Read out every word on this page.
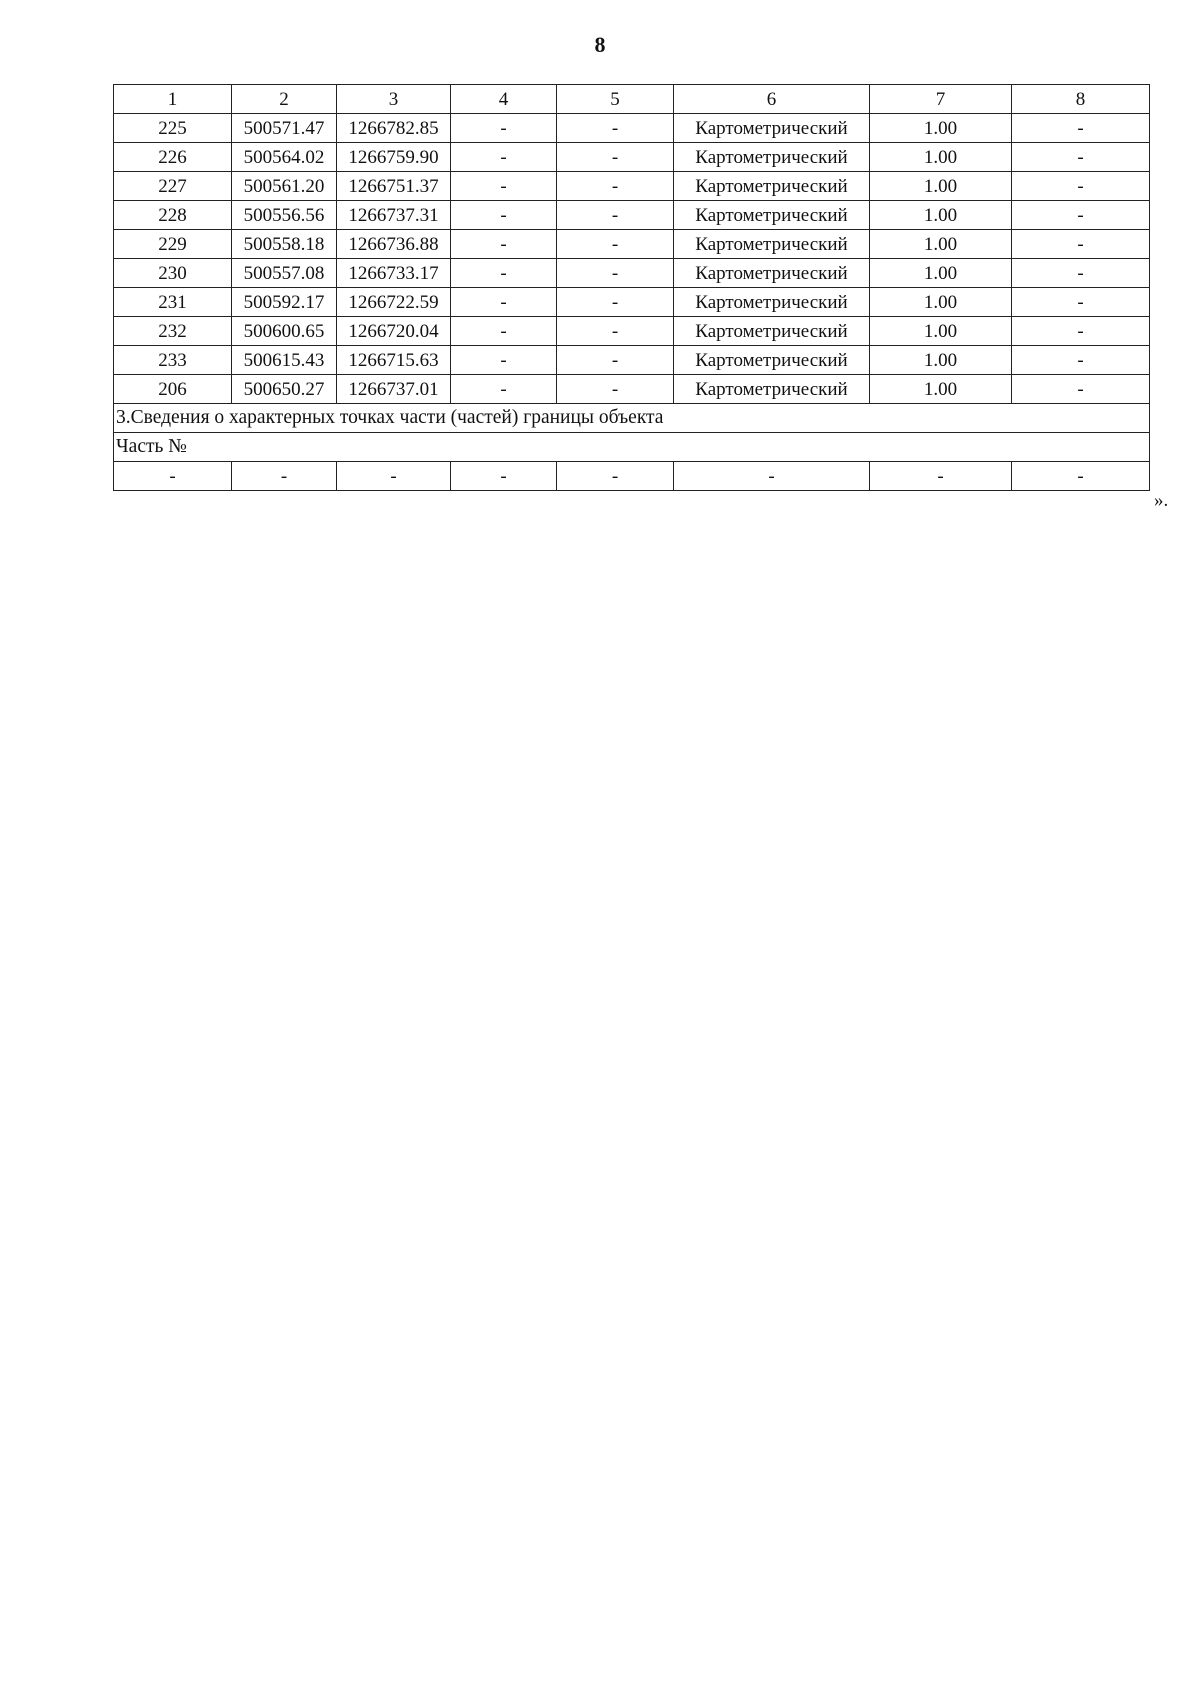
8
1	2	3	4	5	6	7	8
225	500571.47	1266782.85	-	-	Картометрический	1.00	-
226	500564.02	1266759.90	-	-	Картометрический	1.00	-
227	500561.20	1266751.37	-	-	Картометрический	1.00	-
228	500556.56	1266737.31	-	-	Картометрический	1.00	-
229	500558.18	1266736.88	-	-	Картометрический	1.00	-
230	500557.08	1266733.17	-	-	Картометрический	1.00	-
231	500592.17	1266722.59	-	-	Картометрический	1.00	-
232	500600.65	1266720.04	-	-	Картометрический	1.00	-
233	500615.43	1266715.63	-	-	Картометрический	1.00	-
206	500650.27	1266737.01	-	-	Картометрический	1.00	-
3.Сведения о характерных точках части (частей) границы объекта							
Часть №							
-	-	-	-	-	-	-	-
».
